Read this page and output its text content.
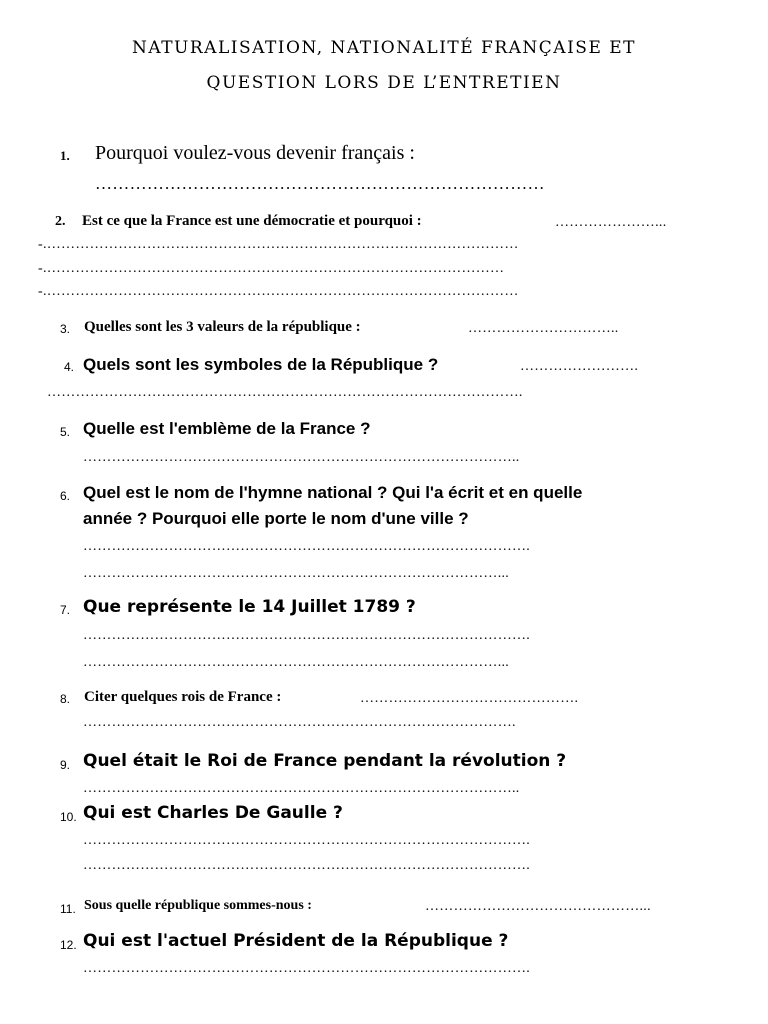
NATURALISATION, NATIONALITÉ FRANÇAISE ET
QUESTION LORS DE L’ENTRETIEN
1. Pourquoi voulez-vous devenir français :
……………………………………………………………………
2. Est ce que la France est une démocratie et pourquoi :	…………………...
-.………………………………………………………………………………………
-.……………………………………………………………………………………
-.………………………………………………………………………………………
3. Quelles sont les 3 valeurs de la république :	…………………………..
4. Quels sont les symboles de la République ?	…………………….
……………………………………………………………………………………….
5. Quelle est l'emblème de la France ?
………………………………………………………………………………..
6. Quel est le nom de l'hymne national ? Qui l'a écrit et en quelle
année ? Pourquoi elle porte le nom d'une ville ?
………………………………………………………………………………….
……………………………………………………………………………...
7. Que représente le 14 Juillet 1789 ?
………………………………………………………………………………….
……………………………………………………………………………...
8. Citer quelques rois de France :	……………………………………….
……………………………………………………………………………….
9. Quel était le Roi de France pendant la révolution ?
………………………………………………………………………………..
10. Qui est Charles De Gaulle ?
………………………………………………………………………………….
………………………………………………………………………………….
11. Sous quelle république sommes-nous :	………………………………………...
12. Qui est l'actuel Président de la République ?
………………………………………………………………………………….
